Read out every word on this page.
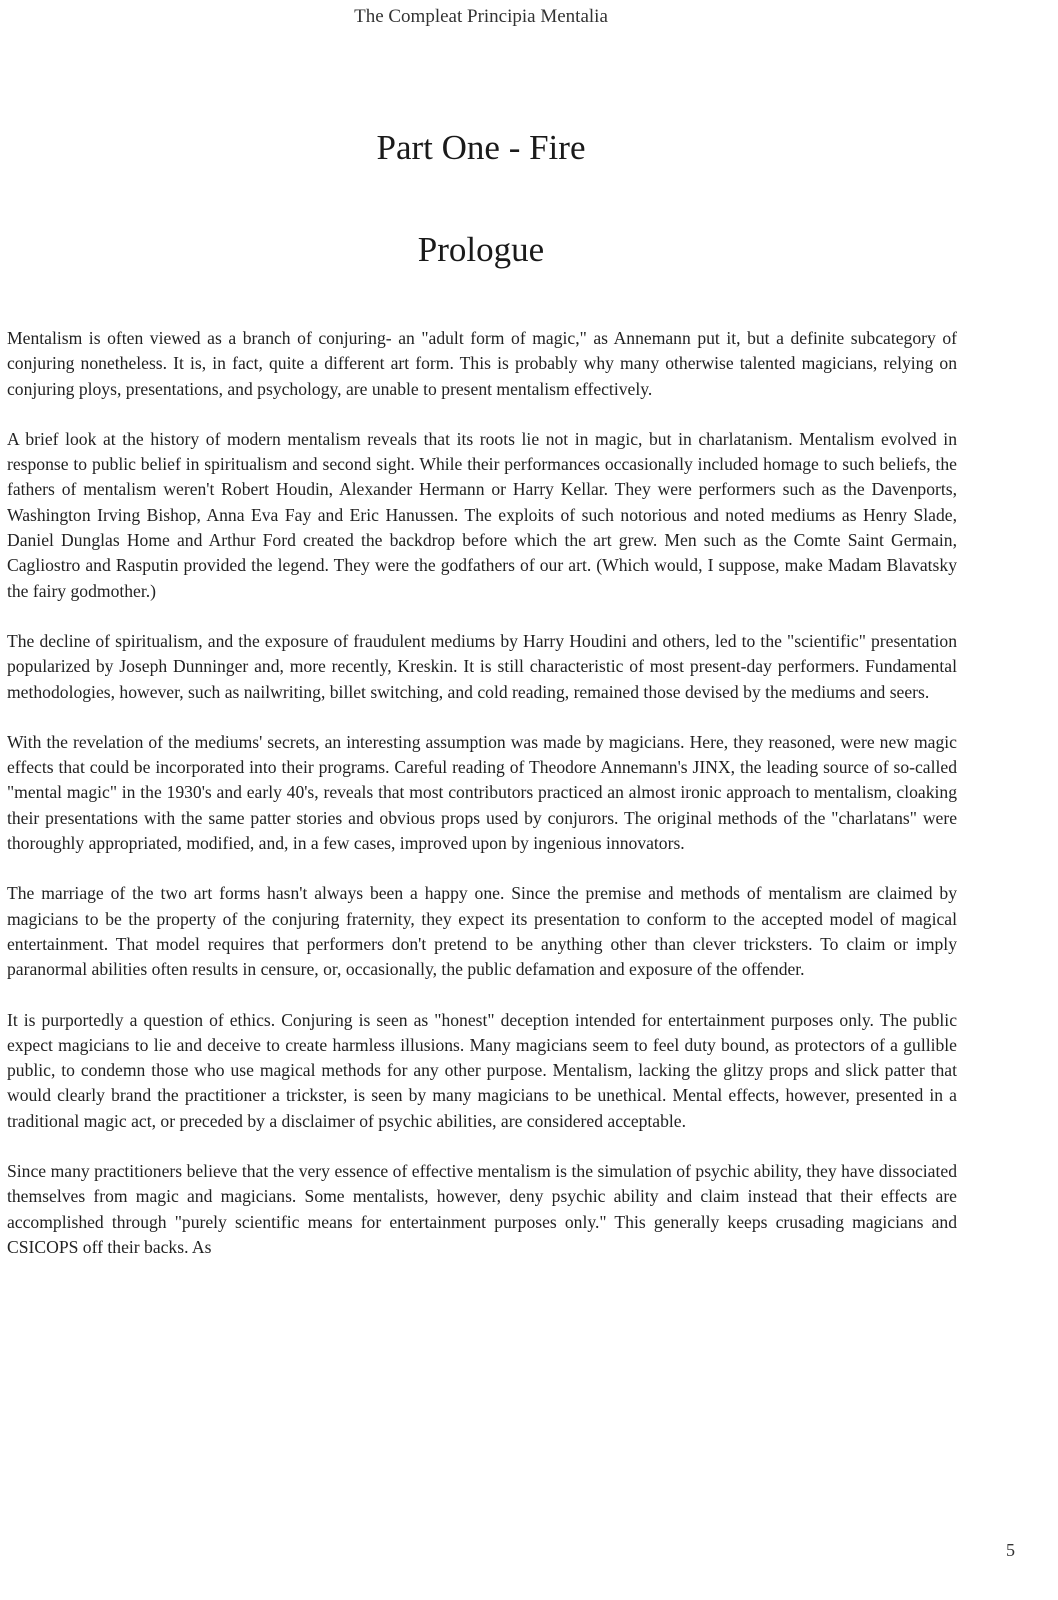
The Compleat Principia Mentalia
Part One - Fire
Prologue

Mentalism is often viewed as a branch of conjuring- an "adult form of magic," as Annemann put it, but a definite subcategory of conjuring nonetheless. It is, in fact, quite a different art form. This is probably why many otherwise talented magicians, relying on conjuring ploys, presentations, and psychology, are unable to present mentalism effectively.

A brief look at the history of modern mentalism reveals that its roots lie not in magic, but in charlatanism. Mentalism evolved in response to public belief in spiritualism and second sight. While their performances occasionally included homage to such beliefs, the fathers of mentalism weren't Robert Houdin, Alexander Hermann or Harry Kellar. They were performers such as the Davenports, Washington Irving Bishop, Anna Eva Fay and Eric Hanussen. The exploits of such notorious and noted mediums as Henry Slade, Daniel Dunglas Home and Arthur Ford created the backdrop before which the art grew. Men such as the Comte Saint Germain, Cagliostro and Rasputin provided the legend. They were the godfathers of our art. (Which would, I suppose, make Madam Blavatsky the fairy godmother.)

The decline of spiritualism, and the exposure of fraudulent mediums by Harry Houdini and others, led to the "scientific" presentation popularized by Joseph Dunninger and, more recently, Kreskin. It is still characteristic of most present-day performers. Fundamental methodologies, however, such as nailwriting, billet switching, and cold reading, remained those devised by the mediums and seers.

With the revelation of the mediums' secrets, an interesting assumption was made by magicians. Here, they reasoned, were new magic effects that could be incorporated into their programs. Careful reading of Theodore Annemann's JINX, the leading source of so-called "mental magic" in the 1930's and early 40's, reveals that most contributors practiced an almost ironic approach to mentalism, cloaking their presentations with the same patter stories and obvious props used by conjurors. The original methods of the "charlatans" were thoroughly appropriated, modified, and, in a few cases, improved upon by ingenious innovators.

The marriage of the two art forms hasn't always been a happy one. Since the premise and methods of mentalism are claimed by magicians to be the property of the conjuring fraternity, they expect its presentation to conform to the accepted model of magical entertainment. That model requires that performers don't pretend to be anything other than clever tricksters. To claim or imply paranormal abilities often results in censure, or, occasionally, the public defamation and exposure of the offender.

It is purportedly a question of ethics. Conjuring is seen as "honest" deception intended for entertainment purposes only. The public expect magicians to lie and deceive to create harmless illusions. Many magicians seem to feel duty bound, as protectors of a gullible public, to condemn those who use magical methods for any other purpose. Mentalism, lacking the glitzy props and slick patter that would clearly brand the practitioner a trickster, is seen by many magicians to be unethical. Mental effects, however, presented in a traditional magic act, or preceded by a disclaimer of psychic abilities, are considered acceptable.

Since many practitioners believe that the very essence of effective mentalism is the simulation of psychic ability, they have dissociated themselves from magic and magicians. Some mentalists, however, deny psychic ability and claim instead that their effects are accomplished through "purely scientific means for entertainment purposes only." This generally keeps crusading magicians and CSICOPS off their backs. As

5
